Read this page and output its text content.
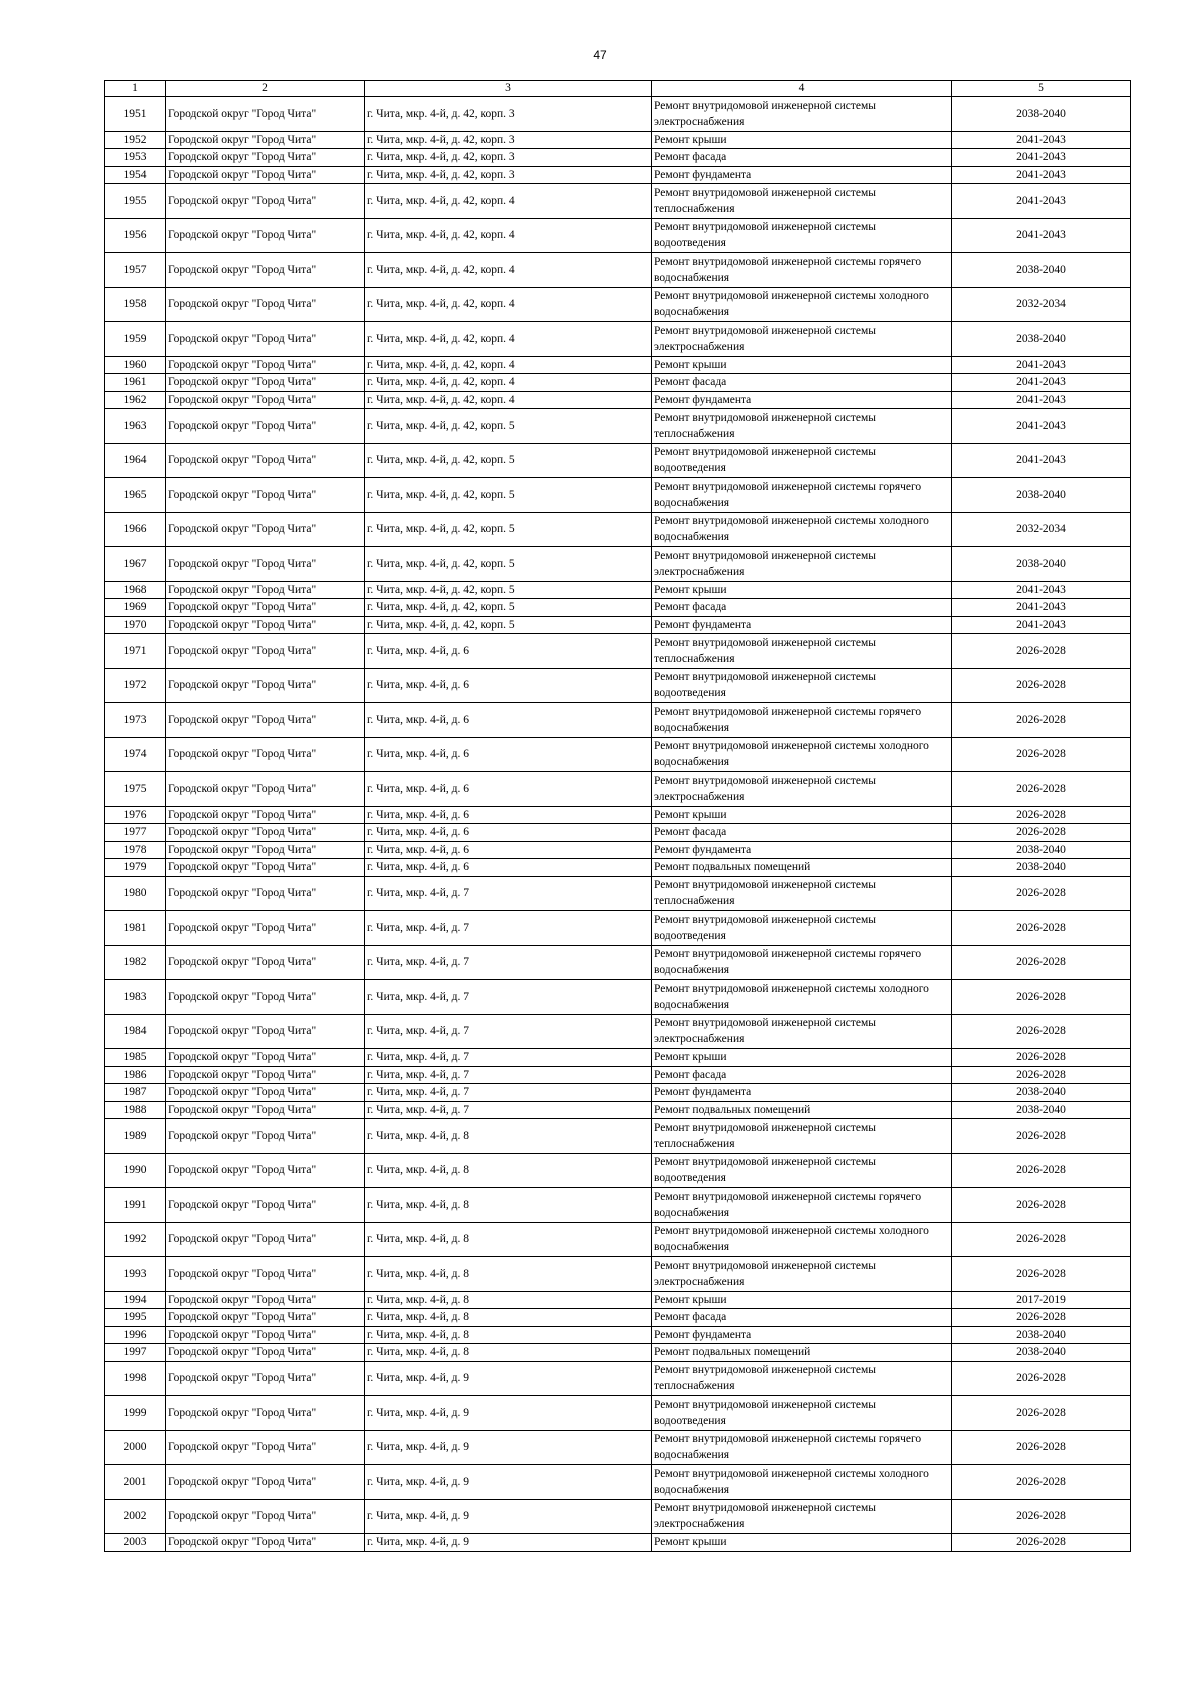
47
1	2	3	4	5
1951	Городской округ "Город Чита"	г. Чита, мкр. 4-й, д. 42, корп. 3	Ремонт внутридомовой инженерной системы электроснабжения	2038-2040
1952	Городской округ "Город Чита"	г. Чита, мкр. 4-й, д. 42, корп. 3	Ремонт крыши	2041-2043
1953	Городской округ "Город Чита"	г. Чита, мкр. 4-й, д. 42, корп. 3	Ремонт фасада	2041-2043
1954	Городской округ "Город Чита"	г. Чита, мкр. 4-й, д. 42, корп. 3	Ремонт фундамента	2041-2043
1955	Городской округ "Город Чита"	г. Чита, мкр. 4-й, д. 42, корп. 4	Ремонт внутридомовой инженерной системы теплоснабжения	2041-2043
1956	Городской округ "Город Чита"	г. Чита, мкр. 4-й, д. 42, корп. 4	Ремонт внутридомовой инженерной системы водоотведения	2041-2043
1957	Городской округ "Город Чита"	г. Чита, мкр. 4-й, д. 42, корп. 4	Ремонт внутридомовой инженерной системы горячего водоснабжения	2038-2040
1958	Городской округ "Город Чита"	г. Чита, мкр. 4-й, д. 42, корп. 4	Ремонт внутридомовой инженерной системы холодного водоснабжения	2032-2034
1959	Городской округ "Город Чита"	г. Чита, мкр. 4-й, д. 42, корп. 4	Ремонт внутридомовой инженерной системы электроснабжения	2038-2040
1960	Городской округ "Город Чита"	г. Чита, мкр. 4-й, д. 42, корп. 4	Ремонт крыши	2041-2043
1961	Городской округ "Город Чита"	г. Чита, мкр. 4-й, д. 42, корп. 4	Ремонт фасада	2041-2043
1962	Городской округ "Город Чита"	г. Чита, мкр. 4-й, д. 42, корп. 4	Ремонт фундамента	2041-2043
1963	Городской округ "Город Чита"	г. Чита, мкр. 4-й, д. 42, корп. 5	Ремонт внутридомовой инженерной системы теплоснабжения	2041-2043
1964	Городской округ "Город Чита"	г. Чита, мкр. 4-й, д. 42, корп. 5	Ремонт внутридомовой инженерной системы водоотведения	2041-2043
1965	Городской округ "Город Чита"	г. Чита, мкр. 4-й, д. 42, корп. 5	Ремонт внутридомовой инженерной системы горячего водоснабжения	2038-2040
1966	Городской округ "Город Чита"	г. Чита, мкр. 4-й, д. 42, корп. 5	Ремонт внутридомовой инженерной системы холодного водоснабжения	2032-2034
1967	Городской округ "Город Чита"	г. Чита, мкр. 4-й, д. 42, корп. 5	Ремонт внутридомовой инженерной системы электроснабжения	2038-2040
1968	Городской округ "Город Чита"	г. Чита, мкр. 4-й, д. 42, корп. 5	Ремонт крыши	2041-2043
1969	Городской округ "Город Чита"	г. Чита, мкр. 4-й, д. 42, корп. 5	Ремонт фасада	2041-2043
1970	Городской округ "Город Чита"	г. Чита, мкр. 4-й, д. 42, корп. 5	Ремонт фундамента	2041-2043
1971	Городской округ "Город Чита"	г. Чита, мкр. 4-й, д. 6	Ремонт внутридомовой инженерной системы теплоснабжения	2026-2028
1972	Городской округ "Город Чита"	г. Чита, мкр. 4-й, д. 6	Ремонт внутридомовой инженерной системы водоотведения	2026-2028
1973	Городской округ "Город Чита"	г. Чита, мкр. 4-й, д. 6	Ремонт внутридомовой инженерной системы горячего водоснабжения	2026-2028
1974	Городской округ "Город Чита"	г. Чита, мкр. 4-й, д. 6	Ремонт внутридомовой инженерной системы холодного водоснабжения	2026-2028
1975	Городской округ "Город Чита"	г. Чита, мкр. 4-й, д. 6	Ремонт внутридомовой инженерной системы электроснабжения	2026-2028
1976	Городской округ "Город Чита"	г. Чита, мкр. 4-й, д. 6	Ремонт крыши	2026-2028
1977	Городской округ "Город Чита"	г. Чита, мкр. 4-й, д. 6	Ремонт фасада	2026-2028
1978	Городской округ "Город Чита"	г. Чита, мкр. 4-й, д. 6	Ремонт фундамента	2038-2040
1979	Городской округ "Город Чита"	г. Чита, мкр. 4-й, д. 6	Ремонт подвальных помещений	2038-2040
1980	Городской округ "Город Чита"	г. Чита, мкр. 4-й, д. 7	Ремонт внутридомовой инженерной системы теплоснабжения	2026-2028
1981	Городской округ "Город Чита"	г. Чита, мкр. 4-й, д. 7	Ремонт внутридомовой инженерной системы водоотведения	2026-2028
1982	Городской округ "Город Чита"	г. Чита, мкр. 4-й, д. 7	Ремонт внутридомовой инженерной системы горячего водоснабжения	2026-2028
1983	Городской округ "Город Чита"	г. Чита, мкр. 4-й, д. 7	Ремонт внутридомовой инженерной системы холодного водоснабжения	2026-2028
1984	Городской округ "Город Чита"	г. Чита, мкр. 4-й, д. 7	Ремонт внутридомовой инженерной системы электроснабжения	2026-2028
1985	Городской округ "Город Чита"	г. Чита, мкр. 4-й, д. 7	Ремонт крыши	2026-2028
1986	Городской округ "Город Чита"	г. Чита, мкр. 4-й, д. 7	Ремонт фасада	2026-2028
1987	Городской округ "Город Чита"	г. Чита, мкр. 4-й, д. 7	Ремонт фундамента	2038-2040
1988	Городской округ "Город Чита"	г. Чита, мкр. 4-й, д. 7	Ремонт подвальных помещений	2038-2040
1989	Городской округ "Город Чита"	г. Чита, мкр. 4-й, д. 8	Ремонт внутридомовой инженерной системы теплоснабжения	2026-2028
1990	Городской округ "Город Чита"	г. Чита, мкр. 4-й, д. 8	Ремонт внутридомовой инженерной системы водоотведения	2026-2028
1991	Городской округ "Город Чита"	г. Чита, мкр. 4-й, д. 8	Ремонт внутридомовой инженерной системы горячего водоснабжения	2026-2028
1992	Городской округ "Город Чита"	г. Чита, мкр. 4-й, д. 8	Ремонт внутридомовой инженерной системы холодного водоснабжения	2026-2028
1993	Городской округ "Город Чита"	г. Чита, мкр. 4-й, д. 8	Ремонт внутридомовой инженерной системы электроснабжения	2026-2028
1994	Городской округ "Город Чита"	г. Чита, мкр. 4-й, д. 8	Ремонт крыши	2017-2019
1995	Городской округ "Город Чита"	г. Чита, мкр. 4-й, д. 8	Ремонт фасада	2026-2028
1996	Городской округ "Город Чита"	г. Чита, мкр. 4-й, д. 8	Ремонт фундамента	2038-2040
1997	Городской округ "Город Чита"	г. Чита, мкр. 4-й, д. 8	Ремонт подвальных помещений	2038-2040
1998	Городской округ "Город Чита"	г. Чита, мкр. 4-й, д. 9	Ремонт внутридомовой инженерной системы теплоснабжения	2026-2028
1999	Городской округ "Город Чита"	г. Чита, мкр. 4-й, д. 9	Ремонт внутридомовой инженерной системы водоотведения	2026-2028
2000	Городской округ "Город Чита"	г. Чита, мкр. 4-й, д. 9	Ремонт внутридомовой инженерной системы горячего водоснабжения	2026-2028
2001	Городской округ "Город Чита"	г. Чита, мкр. 4-й, д. 9	Ремонт внутридомовой инженерной системы холодного водоснабжения	2026-2028
2002	Городской округ "Город Чита"	г. Чита, мкр. 4-й, д. 9	Ремонт внутридомовой инженерной системы электроснабжения	2026-2028
2003	Городской округ "Город Чита"	г. Чита, мкр. 4-й, д. 9	Ремонт крыши	2026-2028
